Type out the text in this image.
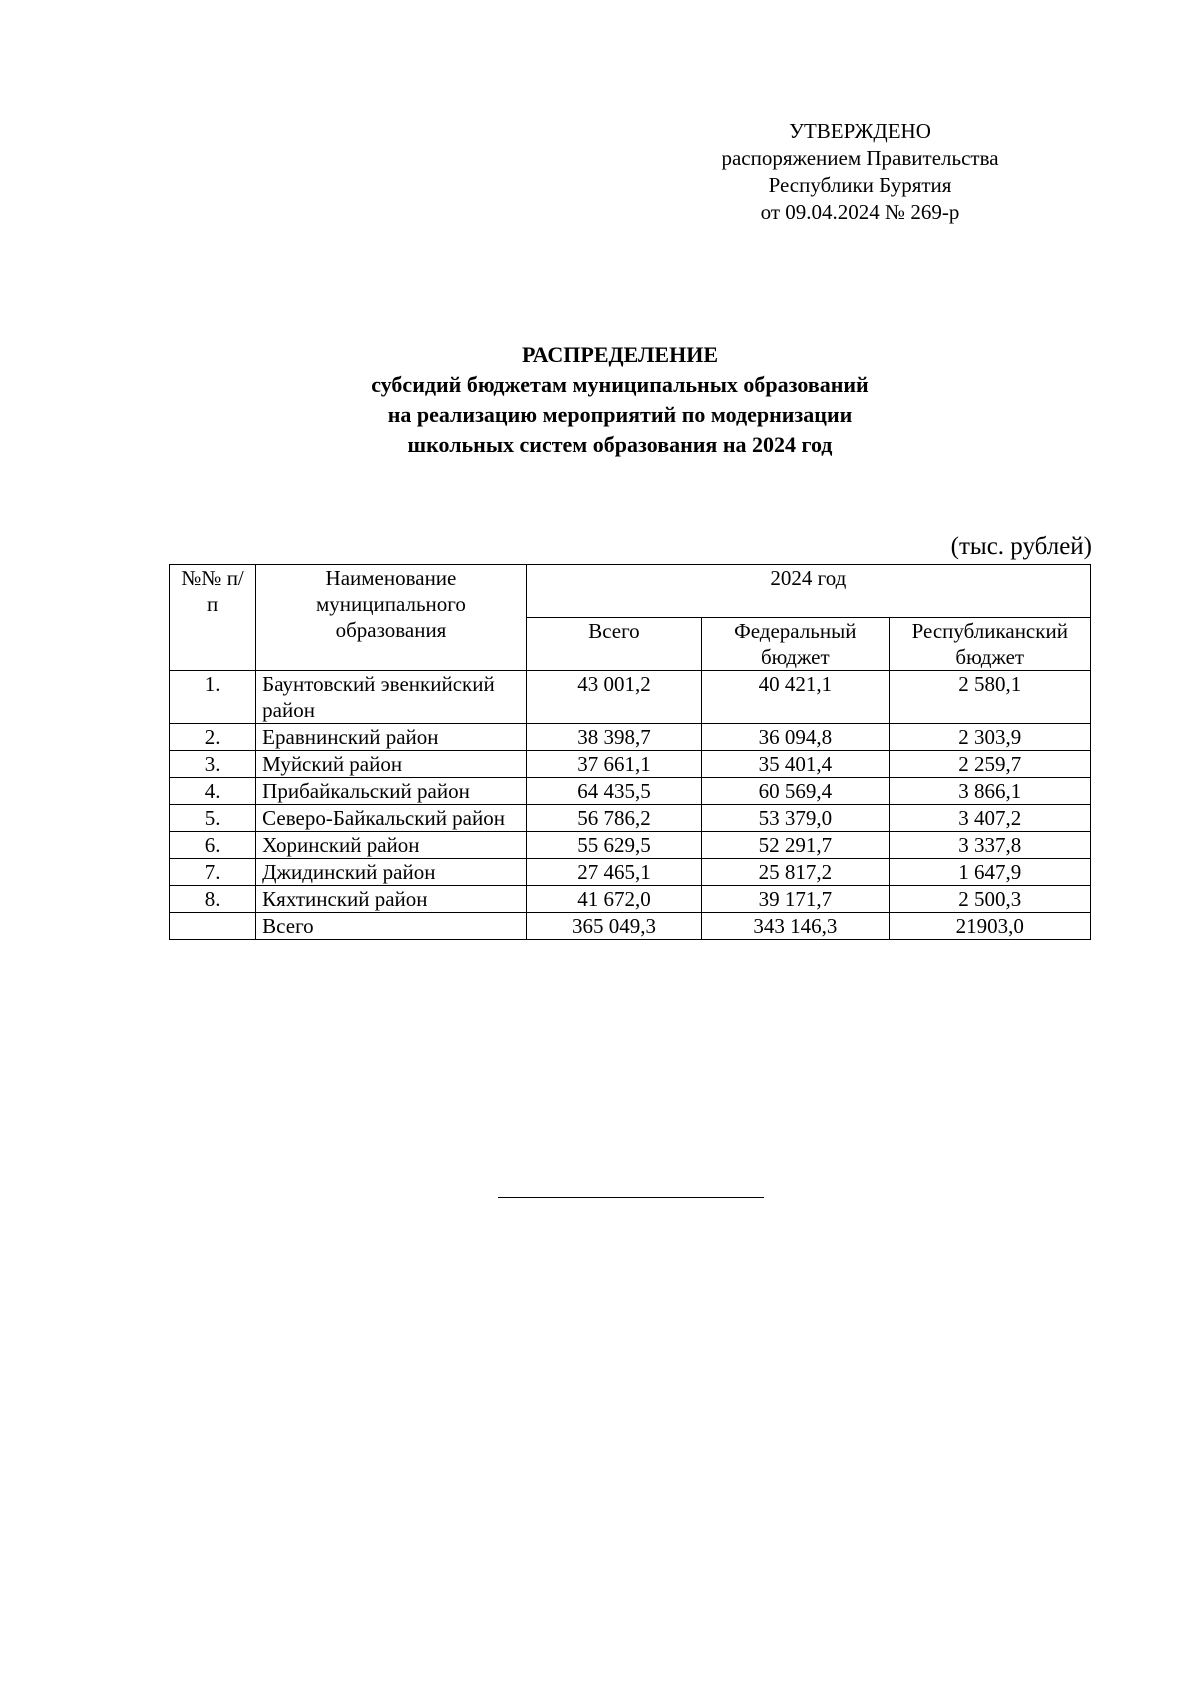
УТВЕРЖДЕНО
распоряжением Правительства
Республики Бурятия
от 09.04.2024 № 269-р
РАСПРЕДЕЛЕНИЕ
субсидий бюджетам муниципальных образований
на реализацию мероприятий по модернизации
школьных систем образования на 2024 год
(тыс. рублей)
№№ п/п	Наименование муниципального образования	2024 год		
		Всего	Федеральный бюджет	Республиканский бюджет
1.	Баунтовский эвенкийский район	43 001,2	40 421,1	2 580,1
2.	Еравнинский район	38 398,7	36 094,8	2 303,9
3.	Муйский район	37 661,1	35 401,4	2 259,7
4.	Прибайкальский район	64 435,5	60 569,4	3 866,1
5.	Северо-Байкальский район	56 786,2	53 379,0	3 407,2
6.	Хоринский район	55 629,5	52 291,7	3 337,8
7.	Джидинский район	27 465,1	25 817,2	1 647,9
8.	Кяхтинский район	41 672,0	39 171,7	2 500,3
	Всего	365 049,3	343 146,3	21903,0
